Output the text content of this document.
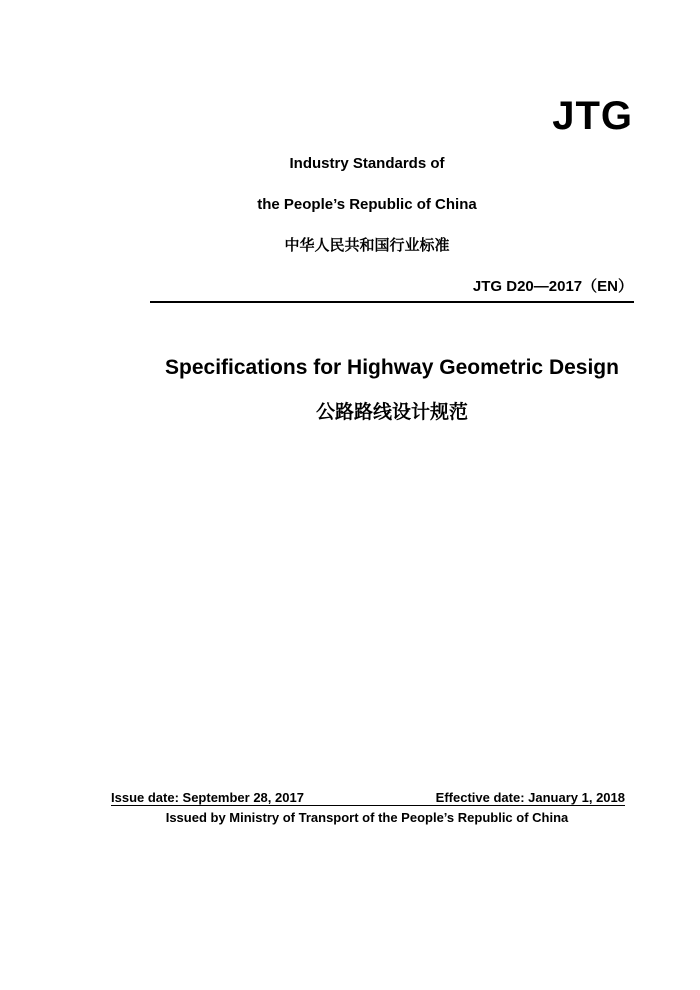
JTG
Industry Standards of
the People’s Republic of China
中华人民共和国行业标准
JTG D20—2017（EN）
Specifications for Highway Geometric Design
公路路线设计规范
Issue date: September 28, 2017	Effective date: January 1, 2018
Issued by Ministry of Transport of the People’s Republic of China
